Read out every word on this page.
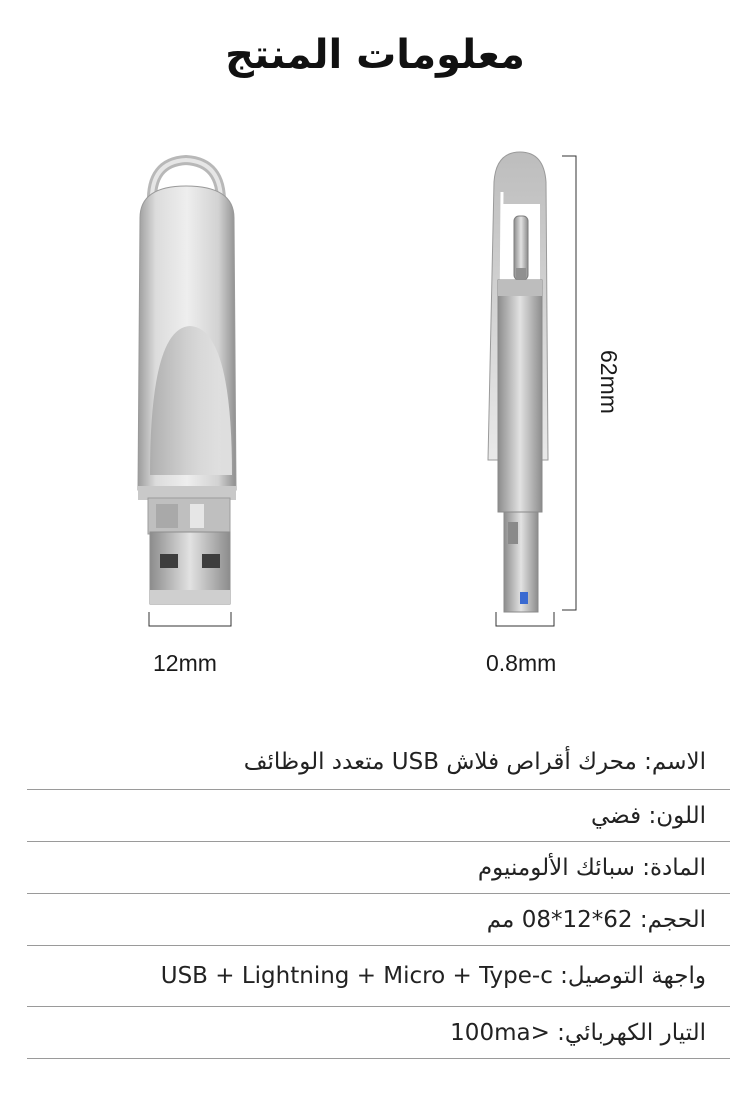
معلومات المنتج
12mm	0.8mm
62mm
الاسم
:
محرك أقراص فلاش USB متعدد الوظائف
اللون
:
فضي
المادة
:
سبائك الألومنيوم
الحجم
:
62*12*08 مم
واجهة التوصيل
:
USB + Lightning + Micro + Type-c
التيار الكهربائي
:
<100ma
